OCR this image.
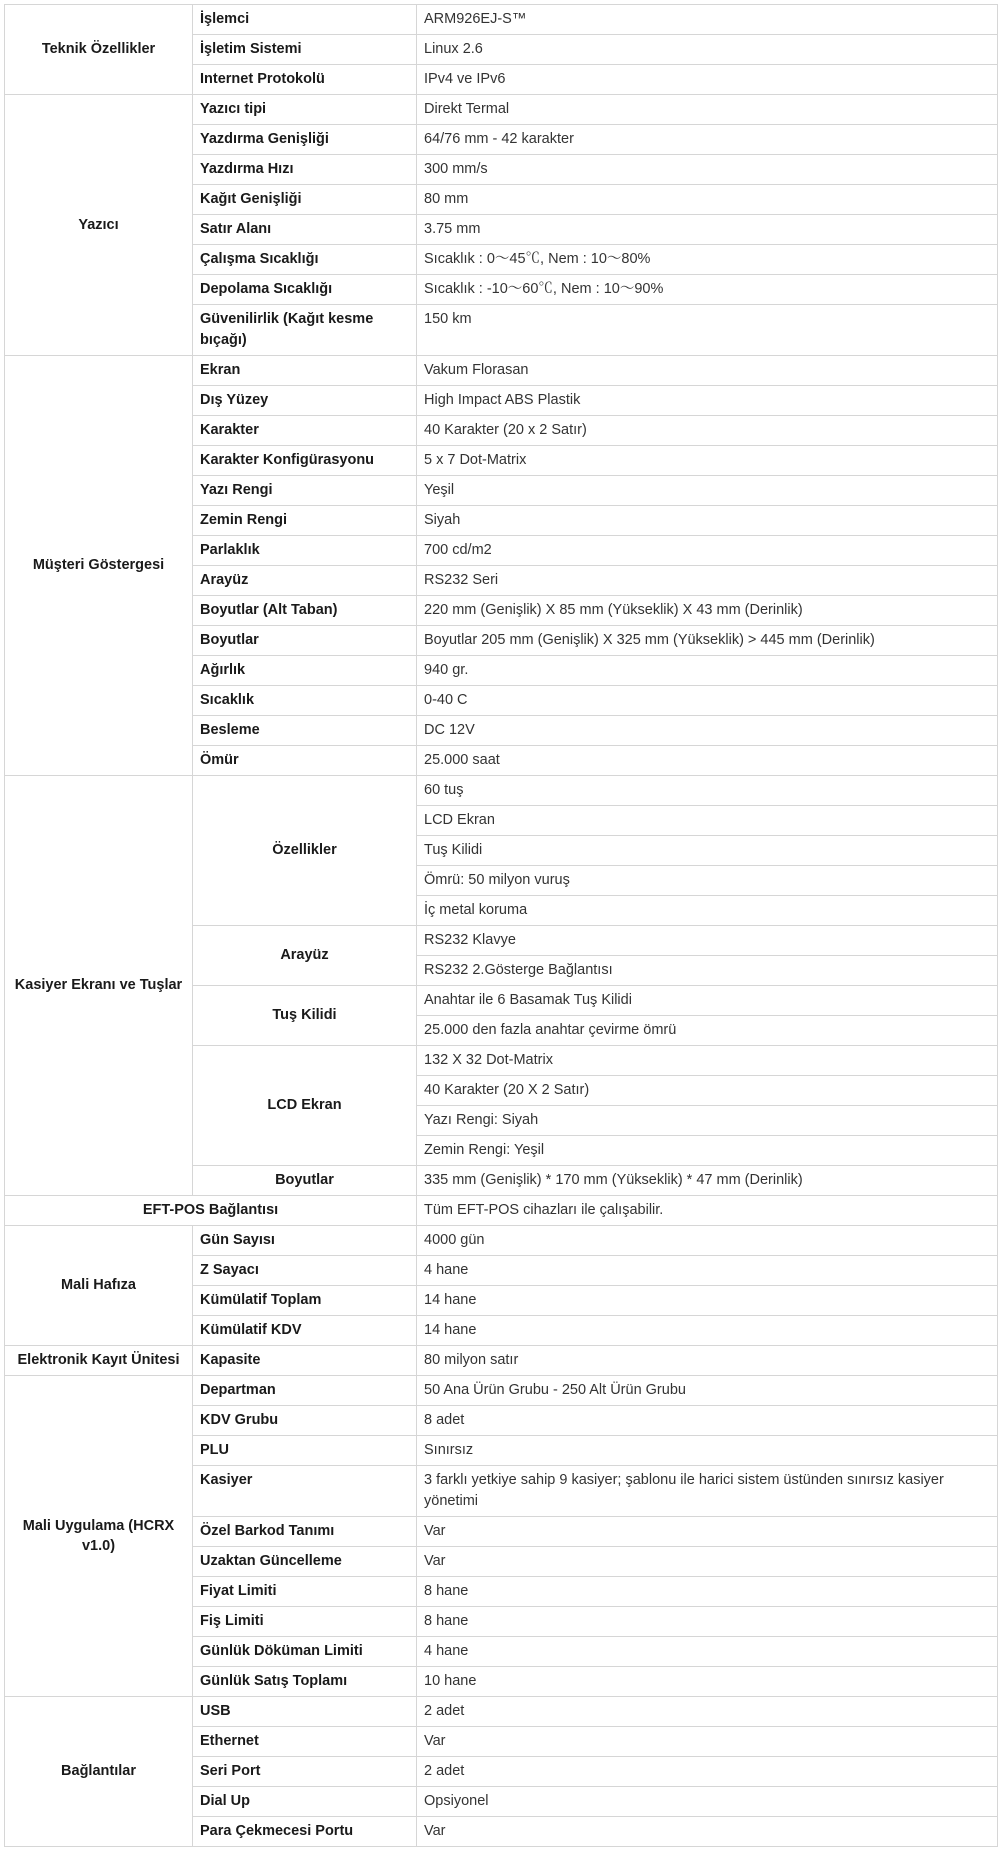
Teknik Özellikler	İşlemci	ARM926EJ-S™
	İşletim Sistemi	Linux 2.6
	Internet Protokolü	IPv4 ve IPv6
Yazıcı	Yazıcı tipi	Direkt Termal
	Yazdırma Genişliği	64/76 mm - 42 karakter
	Yazdırma Hızı	300 mm/s
	Kağıt Genişliği	80 mm
	Satır Alanı	3.75 mm
	Çalışma Sıcaklığı	Sıcaklık : 0～45℃, Nem : 10～80%
	Depolama Sıcaklığı	Sıcaklık : -10～60℃, Nem : 10～90%
	Güvenilirlik (Kağıt kesme bıçağı)	150 km
Müşteri Göstergesi	Ekran	Vakum Florasan
	Dış Yüzey	High Impact ABS Plastik
	Karakter	40 Karakter (20 x 2 Satır)
	Karakter Konfigürasyonu	5 x 7 Dot-Matrix
	Yazı Rengi	Yeşil
	Zemin Rengi	Siyah
	Parlaklık	700 cd/m2
	Arayüz	RS232 Seri
	Boyutlar (Alt Taban)	220 mm (Genişlik) X 85 mm (Yükseklik) X 43 mm (Derinlik)
	Boyutlar	Boyutlar 205 mm (Genişlik) X 325 mm (Yükseklik) > 445 mm (Derinlik)
	Ağırlık	940 gr.
	Sıcaklık	0-40 C
	Besleme	DC 12V
	Ömür	25.000 saat
Kasiyer Ekranı ve Tuşlar	Özellikler	60 tuş
		LCD Ekran
		Tuş Kilidi
		Ömrü: 50 milyon vuruş
		İç metal koruma
	Arayüz	RS232 Klavye
		RS232 2.Gösterge Bağlantısı
	Tuş Kilidi	Anahtar ile 6 Basamak Tuş Kilidi
		25.000 den fazla anahtar çevirme ömrü
	LCD Ekran	132 X 32 Dot-Matrix
		40 Karakter (20 X 2 Satır)
		Yazı Rengi: Siyah
		Zemin Rengi: Yeşil
	Boyutlar	335 mm (Genişlik) * 170 mm (Yükseklik) * 47 mm (Derinlik)
EFT-POS Bağlantısı		Tüm EFT-POS cihazları ile çalışabilir.
Mali Hafıza	Gün Sayısı	4000 gün
	Z Sayacı	4 hane
	Kümülatif Toplam	14 hane
	Kümülatif KDV	14 hane
Elektronik Kayıt Ünitesi	Kapasite	80 milyon satır
Mali Uygulama (HCRX v1.0)	Departman	50 Ana Ürün Grubu - 250 Alt Ürün Grubu
	KDV Grubu	8 adet
	PLU	Sınırsız
	Kasiyer	3 farklı yetkiye sahip 9 kasiyer; şablonu ile harici sistem üstünden sınırsız kasiyer yönetimi
	Özel Barkod Tanımı	Var
	Uzaktan Güncelleme	Var
	Fiyat Limiti	8 hane
	Fiş Limiti	8 hane
	Günlük Döküman Limiti	4 hane
	Günlük Satış Toplamı	10 hane
Bağlantılar	USB	2 adet
	Ethernet	Var
	Seri Port	2 adet
	Dial Up	Opsiyonel
	Para Çekmecesi Portu	Var
